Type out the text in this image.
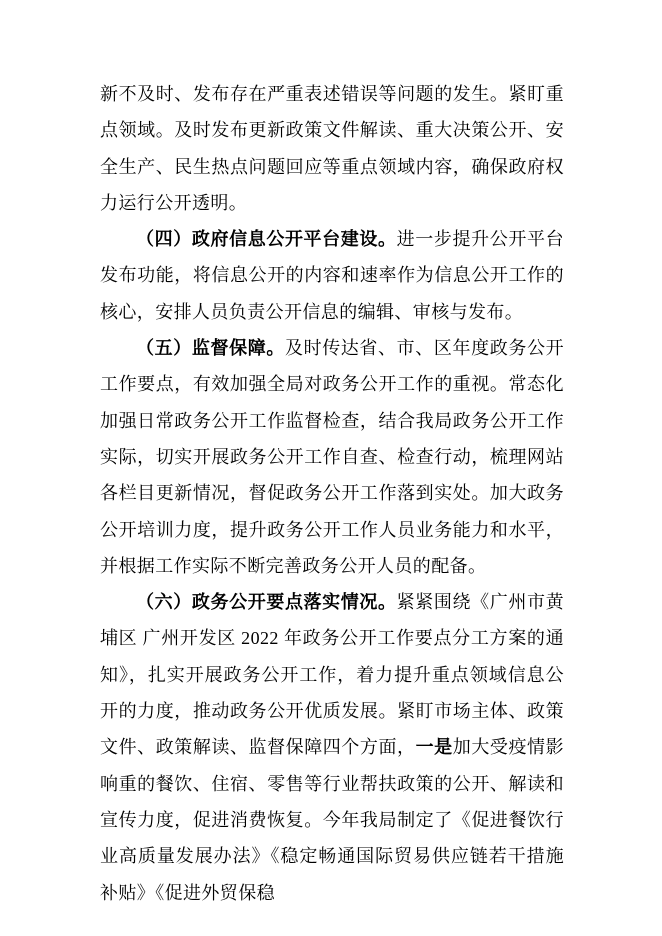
新不及时、发布存在严重表述错误等问题的发生。紧盯重点领域。及时发布更新政策文件解读、重大决策公开、安全生产、民生热点问题回应等重点领域内容，确保政府权力运行公开透明。

（四）政府信息公开平台建设。进一步提升公开平台发布功能，将信息公开的内容和速率作为信息公开工作的核心，安排人员负责公开信息的编辑、审核与发布。

（五）监督保障。及时传达省、市、区年度政务公开工作要点，有效加强全局对政务公开工作的重视。常态化加强日常政务公开工作监督检查，结合我局政务公开工作实际，切实开展政务公开工作自查、检查行动，梳理网站各栏目更新情况，督促政务公开工作落到实处。加大政务公开培训力度，提升政务公开工作人员业务能力和水平，并根据工作实际不断完善政务公开人员的配备。

（六）政务公开要点落实情况。紧紧围绕《广州市黄埔区 广州开发区 2022 年政务公开工作要点分工方案的通知》，扎实开展政务公开工作，着力提升重点领域信息公开的力度，推动政务公开优质发展。紧盯市场主体、政策文件、政策解读、监督保障四个方面，一是加大受疫情影响重的餐饮、住宿、零售等行业帮扶政策的公开、解读和宣传力度，促进消费恢复。今年我局制定了《促进餐饮行业高质量发展办法》《稳定畅通国际贸易供应链若干措施补贴》《促进外贸保稳
